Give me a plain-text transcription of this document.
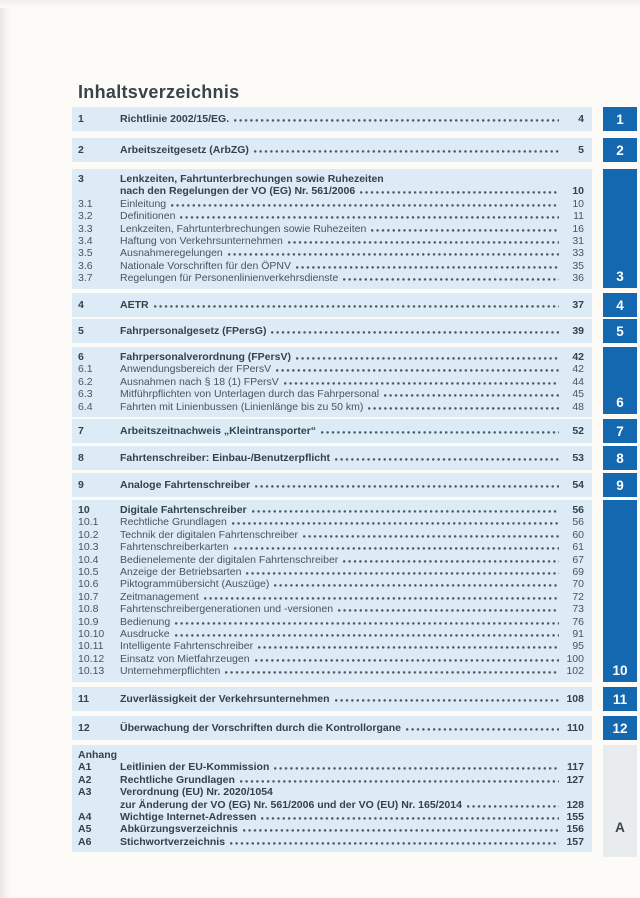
Inhaltsverzeichnis
1	Richtlinie 2002/15/EG.	4
2	Arbeitszeitgesetz (ArbZG)	5
3	Lenkzeiten, Fahrtunterbrechungen sowie Ruhezeiten
nach den Regelungen der VO (EG) Nr. 561/2006	10
3.1	Einleitung	10
3.2	Definitionen	11
3.3	Lenkzeiten, Fahrtunterbrechungen sowie Ruhezeiten	16
3.4	Haftung von Verkehrsunternehmen	31
3.5	Ausnahmeregelungen	33
3.6	Nationale Vorschriften für den ÖPNV	35
3.7	Regelungen für Personenlinienverkehrsdienste	36
4	AETR	37
5	Fahrpersonalgesetz (FPersG)	39
6	Fahrpersonalverordnung (FPersV)	42
6.1	Anwendungsbereich der FPersV	42
6.2	Ausnahmen nach § 18 (1) FPersV	44
6.3	Mitführpflichten von Unterlagen durch das Fahrpersonal	45
6.4	Fahrten mit Linienbussen (Linienlänge bis zu 50 km)	48
7	Arbeitszeitnachweis „Kleintransporter“	52
8	Fahrtenschreiber: Einbau-/Benutzerpflicht	53
9	Analoge Fahrtenschreiber	54
10	Digitale Fahrtenschreiber	56
10.1	Rechtliche Grundlagen	56
10.2	Technik der digitalen Fahrtenschreiber	60
10.3	Fahrtenschreiberkarten	61
10.4	Bedienelemente der digitalen Fahrtenschreiber	67
10.5	Anzeige der Betriebsarten	69
10.6	Piktogrammübersicht (Auszüge)	70
10.7	Zeitmanagement	72
10.8	Fahrtenschreibergenerationen und -versionen	73
10.9	Bedienung	76
10.10	Ausdrucke	91
10.11	Intelligente Fahrtenschreiber	95
10.12	Einsatz von Mietfahrzeugen	100
10.13	Unternehmerpflichten	102
11	Zuverlässigkeit der Verkehrsunternehmen	108
12	Überwachung der Vorschriften durch die Kontrollorgane	110
Anhang
A1	Leitlinien der EU-Kommission	117
A2	Rechtliche Grundlagen	127
A3	Verordnung (EU) Nr. 2020/1054
zur Änderung der VO (EG) Nr. 561/2006 und der VO (EU) Nr. 165/2014	128
A4	Wichtige Internet-Adressen	155
A5	Abkürzungsverzeichnis	156
A6	Stichwortverzeichnis	157
1
2
3
4
5
6
7
8
9
10
11
12
A
